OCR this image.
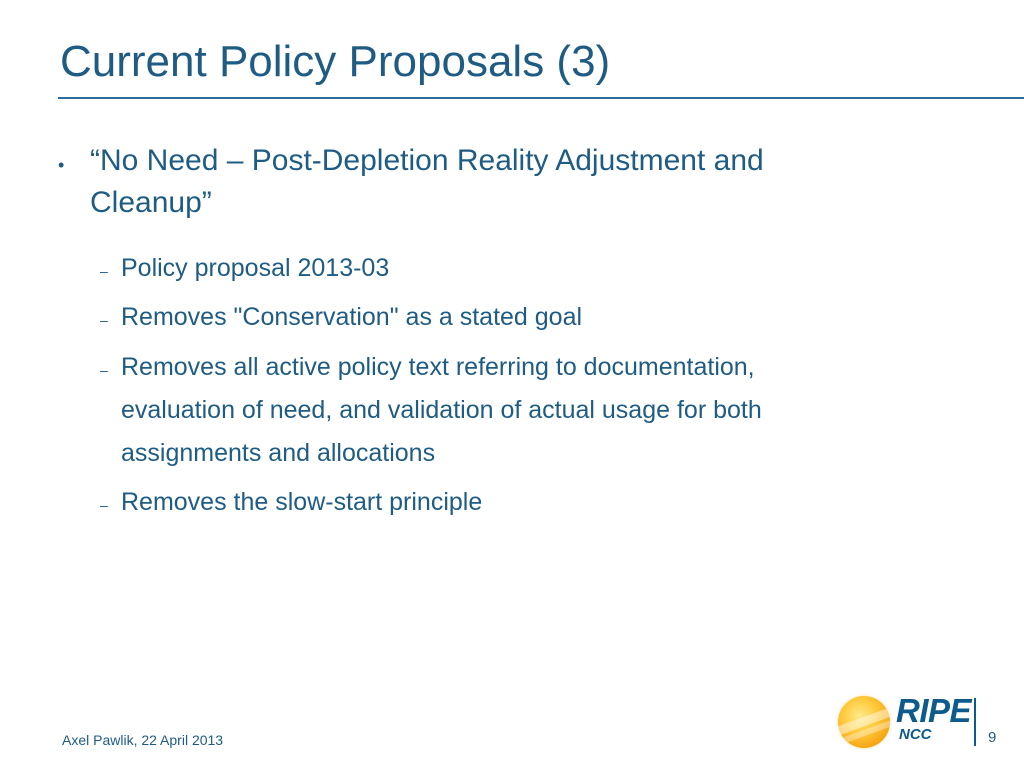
Current Policy Proposals (3)
• “No Need – Post-Depletion Reality Adjustment and
Cleanup”
– Policy proposal 2013-03
– Removes "Conservation" as a stated goal
– Removes all active policy text referring to documentation,
evaluation of need, and validation of actual usage for both
assignments and allocations
– Removes the slow-start principle
Axel Pawlik, 22 April 2013
RIPE
NCC	9
